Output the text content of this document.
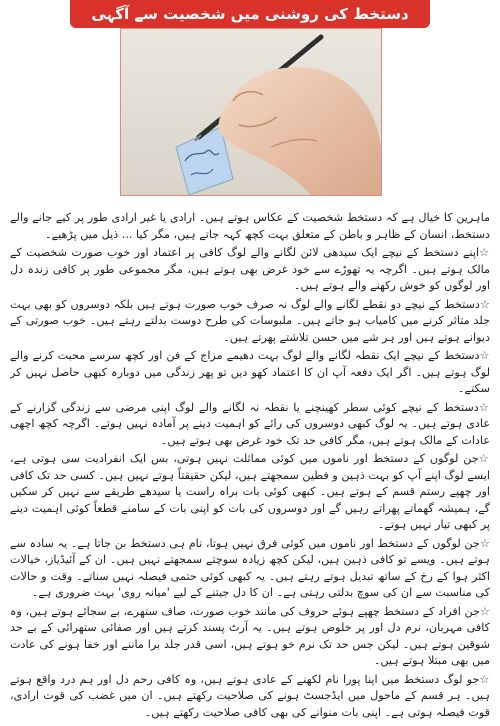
دستخط کی روشنی میں شخصیت سے آگہی

ماہرین کا خیال ہے کہ دستخط شخصیت کے عکاس ہوتے ہیں۔ ارادی یا غیر ارادی طور پر کیے جانے والے دستخط، انسان کے ظاہر و باطن کے متعلق بہت کچھ کہہ جاتے ہیں، مگر کیا ... ذیل میں پڑھیے۔

☆اپنے دستخط کے نیچے ایک سیدھی لائن لگانے والے لوگ کافی پر اعتماد اور خوب صورت شخصیت کے مالک ہوتے ہیں۔ اگرچہ یہ تھوڑے سے خود غرض بھی ہوتے ہیں، مگر مجموعی طور پر کافی زندہ دل اور لوگوں کو خوش رکھنے والے ہوتے ہیں۔

☆دستخط کے نیچے دو نقطے لگانے والے لوگ نہ صرف خوب صورت ہوتے ہیں بلکہ دوسروں کو بھی بہت جلد متاثر کرنے میں کامیاب ہو جاتے ہیں۔ ملبوسات کی طرح دوست بدلتے رہتے ہیں۔ خوب صورتی کے دیوانے ہوتے ہیں اور ہر شے میں حسن تلاشتے پھرتے ہیں۔

☆دستخط کے نیچے ایک نقطہ لگانے والے لوگ بہت دھیمے مزاج کے فن اور کچھ سرسے محبت کرنے والے لوگ ہوتے ہیں۔ اگر ایک دفعہ آپ ان کا اعتماد کھو دیں تو پھر زندگی میں دوبارہ کبھی حاصل نہیں کر سکتے۔

☆دستخط کے نیچے کوئی سطر کھینچنے یا نقطہ نہ لگانے والے لوگ اپنی مرضی سے زندگی گزارنے کے عادی ہوتے ہیں۔ یہ لوگ کبھی دوسروں کی رائے کو اہمیت دینے پر آمادہ نہیں ہوتے۔ اگرچہ کچھ اچھی عادات کے مالک ہوتے ہیں، مگر کافی حد تک خود غرض بھی ہوتے ہیں۔

☆جن لوگوں کے دستخط اور ناموں میں کوئی مماثلت نہیں ہوتی، بس ایک انفرادیت سی ہوتی ہے، ایسے لوگ اپنے آپ کو بہت ذہین و فطین سمجھتے ہیں، لیکن حقیقتاً ہوتے نہیں ہیں۔ کسی حد تک کافی اور چھپے رستم قسم کے ہوتے ہیں۔ کبھی کوئی بات براہ راست یا سیدھے طریقے سے نہیں کر سکیں گے، ہمیشہ گھماتے پھراتے رہیں گے اور دوسروں کی بات کو اپنی بات کے سامنے قطعاً کوئی اہمیت دینے پر کبھی تیار نہیں ہوتے۔

☆جن لوگوں کے دستخط اور ناموں میں کوئی فرق نہیں ہوتا، نام ہی دستخط بن جاتا ہے۔ یہ سادہ سے ہوتے ہیں۔ ویسے تو کافی ذہین ہیں، لیکن کچھ زیادہ سوچتے سمجھتے نہیں ہیں۔ ان کے آئیڈیاز، خیالات اکثر ہوا کے رخ کے ساتھ تبدیل ہوتے رہتے ہیں۔ یہ کبھی کوئی حتمی فیصلہ نہیں سناتے۔ وقت و حالات کی مناسبت سے ان کی سوچ بدلتی رہتی ہے۔ ان کا دل جیتنے کے لیے 'میانہ روی' بہت ضروری ہے۔

☆جن افراد کے دستخط چھپے ہوئے حروف کی مانند خوب صورت، صاف ستھرے، بے سجائے ہوتے ہیں، وہ کافی مہربان، نرم دل اور پر خلوص ہوتے ہیں۔ یہ آرٹ پسند کرتے ہیں اور صفائی ستھرائی کے بے حد شوقین ہوتے ہیں۔ لیکن جس حد تک نرم خو ہوتے ہیں، اسی قدر جلد برا ماننے اور خفا ہونے کی عادت میں بھی مبتلا ہوتے ہیں۔

☆جو لوگ دستخط میں اپنا پورا نام لکھنے کے عادی ہوتے ہیں، وہ کافی رحم دل اور ہم درد واقع ہوتے ہیں۔ ہر قسم کے ماحول میں ایڈجسٹ ہونے کی صلاحیت رکھتے ہیں۔ ان میں غضب کی قوت ارادی، قوت فیصلہ ہوتی ہے۔ اپنی بات منوانے کی بھی کافی صلاحیت رکھتے ہیں۔
